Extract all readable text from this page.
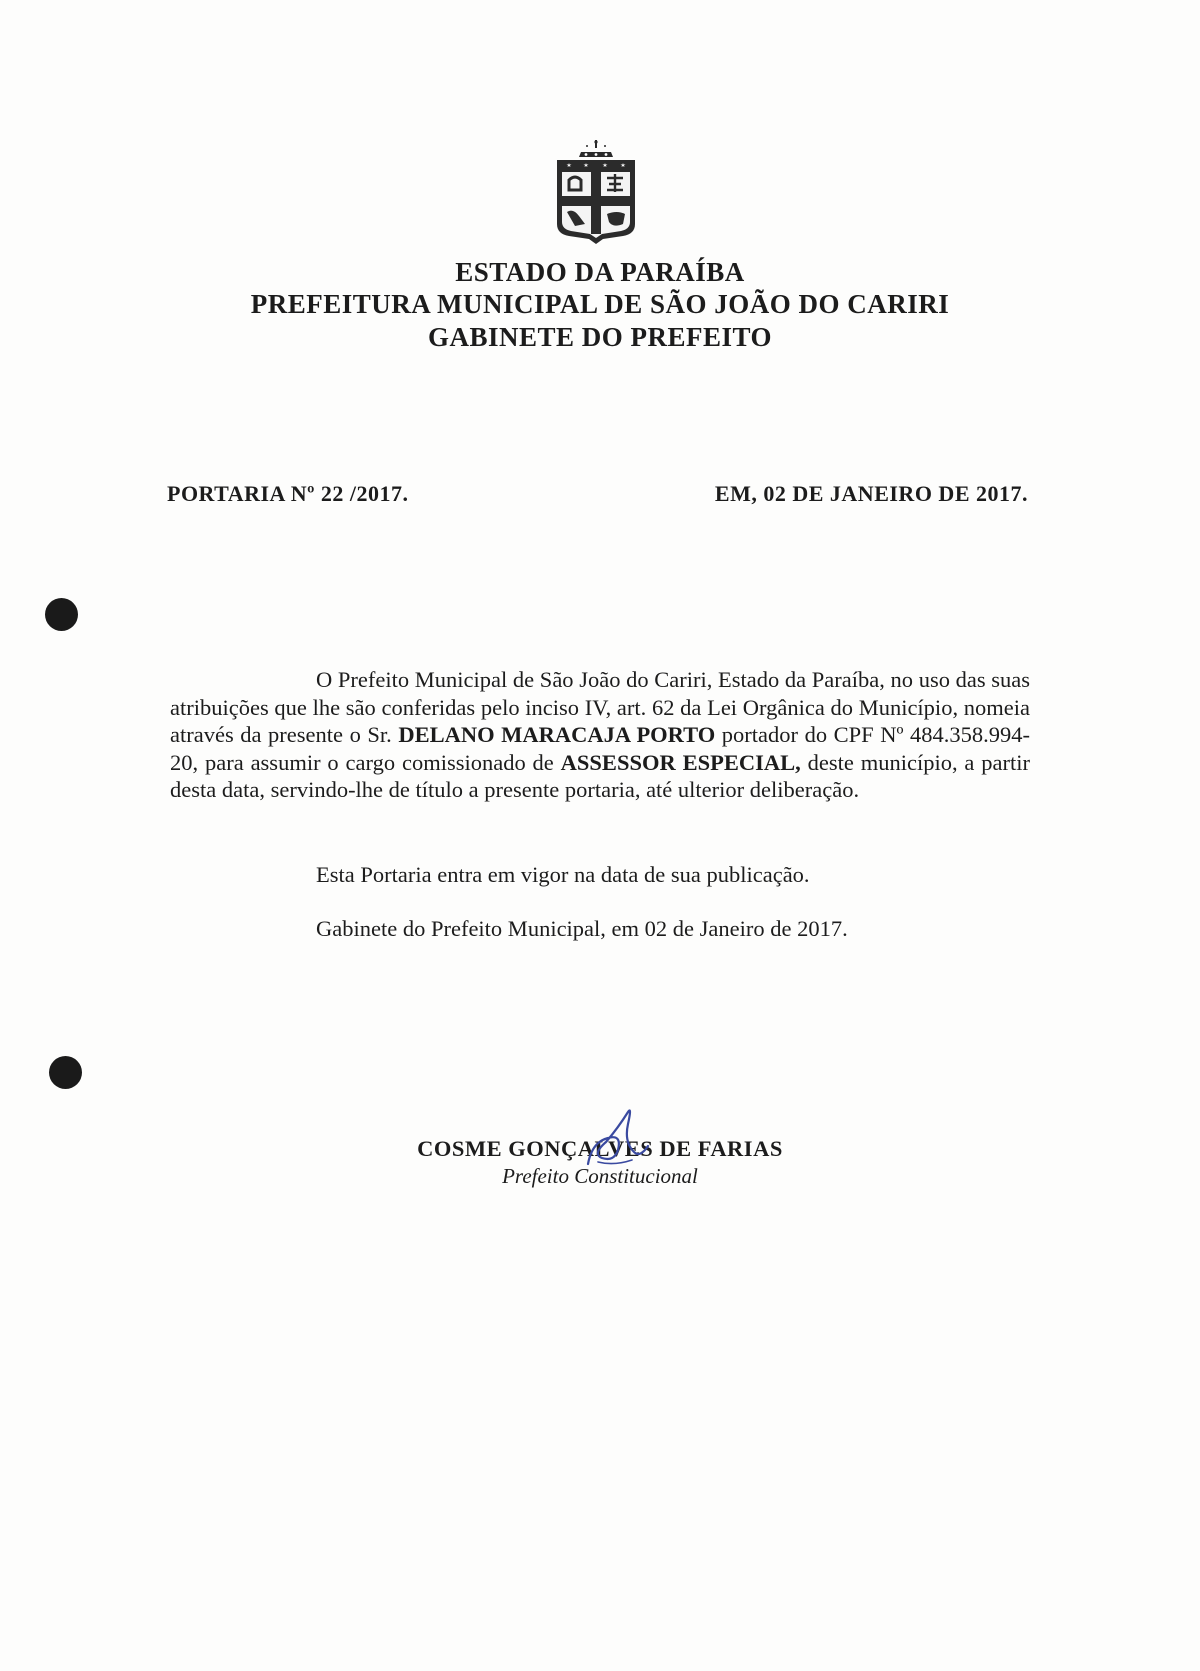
ESTADO DA PARAÍBA
PREFEITURA MUNICIPAL DE SÃO JOÃO DO CARIRI
GABINETE DO PREFEITO
PORTARIA Nº 22 /2017.	EM, 02 DE JANEIRO DE 2017.
O Prefeito Municipal de São João do Cariri, Estado da Paraíba, no uso das suas atribuições que lhe são conferidas pelo inciso IV, art. 62 da Lei Orgânica do Município, nomeia através da presente o Sr. DELANO MARACAJA PORTO portador do CPF Nº 484.358.994-20, para assumir o cargo comissionado de ASSESSOR ESPECIAL, deste município, a partir desta data, servindo-lhe de título a presente portaria, até ulterior deliberação.
Esta Portaria entra em vigor na data de sua publicação.
Gabinete do Prefeito Municipal, em 02 de Janeiro de 2017.
COSME GONÇALVES DE FARIAS
Prefeito Constitucional
